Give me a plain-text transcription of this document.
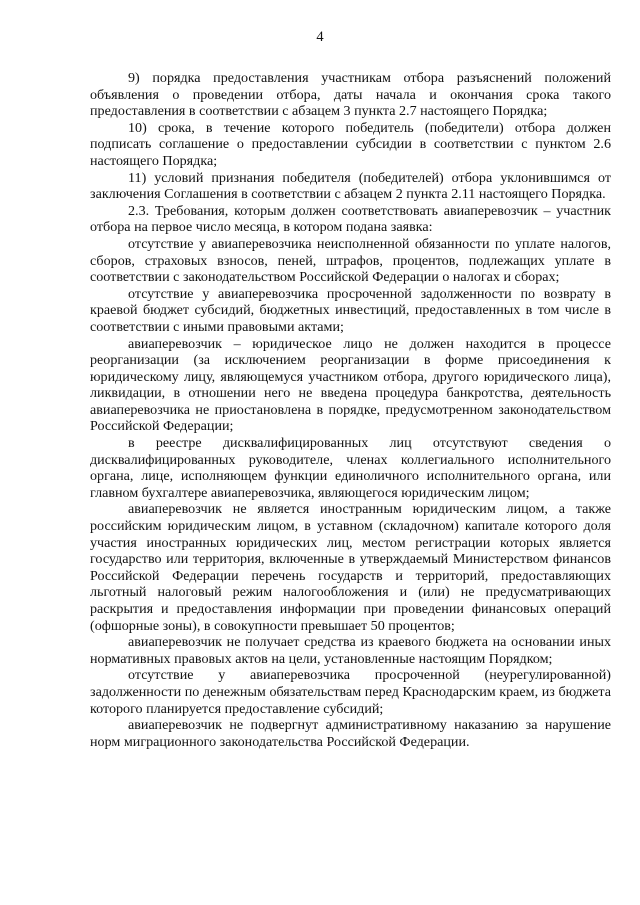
4

9) порядка предоставления участникам отбора разъяснений положений объявления о проведении отбора, даты начала и окончания срока такого предоставления в соответствии с абзацем 3 пункта 2.7 настоящего Порядка;

10) срока, в течение которого победитель (победители) отбора должен подписать соглашение о предоставлении субсидии в соответствии с пунктом 2.6 настоящего Порядка;

11) условий признания победителя (победителей) отбора уклонившимся от заключения Соглашения в соответствии с абзацем 2 пункта 2.11 настоящего Порядка.

2.3. Требования, которым должен соответствовать авиаперевозчик – участник отбора на первое число месяца, в котором подана заявка:

отсутствие у авиаперевозчика неисполненной обязанности по уплате налогов, сборов, страховых взносов, пеней, штрафов, процентов, подлежащих уплате в соответствии с законодательством Российской Федерации о налогах и сборах;

отсутствие у авиаперевозчика просроченной задолженности по возврату в краевой бюджет субсидий, бюджетных инвестиций, предоставленных в том числе в соответствии с иными правовыми актами;

авиаперевозчик – юридическое лицо не должен находится в процессе реорганизации (за исключением реорганизации в форме присоединения к юридическому лицу, являющемуся участником отбора, другого юридического лица), ликвидации, в отношении него не введена процедура банкротства, деятельность авиаперевозчика не приостановлена в порядке, предусмотренном законодательством Российской Федерации;

в реестре дисквалифицированных лиц отсутствуют сведения о дисквалифицированных руководителе, членах коллегиального исполнительного органа, лице, исполняющем функции единоличного исполнительного органа, или главном бухгалтере авиаперевозчика, являющегося юридическим лицом;

авиаперевозчик не является иностранным юридическим лицом, а также российским юридическим лицом, в уставном (складочном) капитале которого доля участия иностранных юридических лиц, местом регистрации которых является государство или территория, включенные в утверждаемый Министерством финансов Российской Федерации перечень государств и территорий, предоставляющих льготный налоговый режим налогообложения и (или) не предусматривающих раскрытия и предоставления информации при проведении финансовых операций (офшорные зоны), в совокупности превышает 50 процентов;

авиаперевозчик не получает средства из краевого бюджета на основании иных нормативных правовых актов на цели, установленные настоящим Порядком;

отсутствие у авиаперевозчика просроченной (неурегулированной) задолженности по денежным обязательствам перед Краснодарским краем, из бюджета которого планируется предоставление субсидий;

авиаперевозчик не подвергнут административному наказанию за нарушение норм миграционного законодательства Российской Федерации.
